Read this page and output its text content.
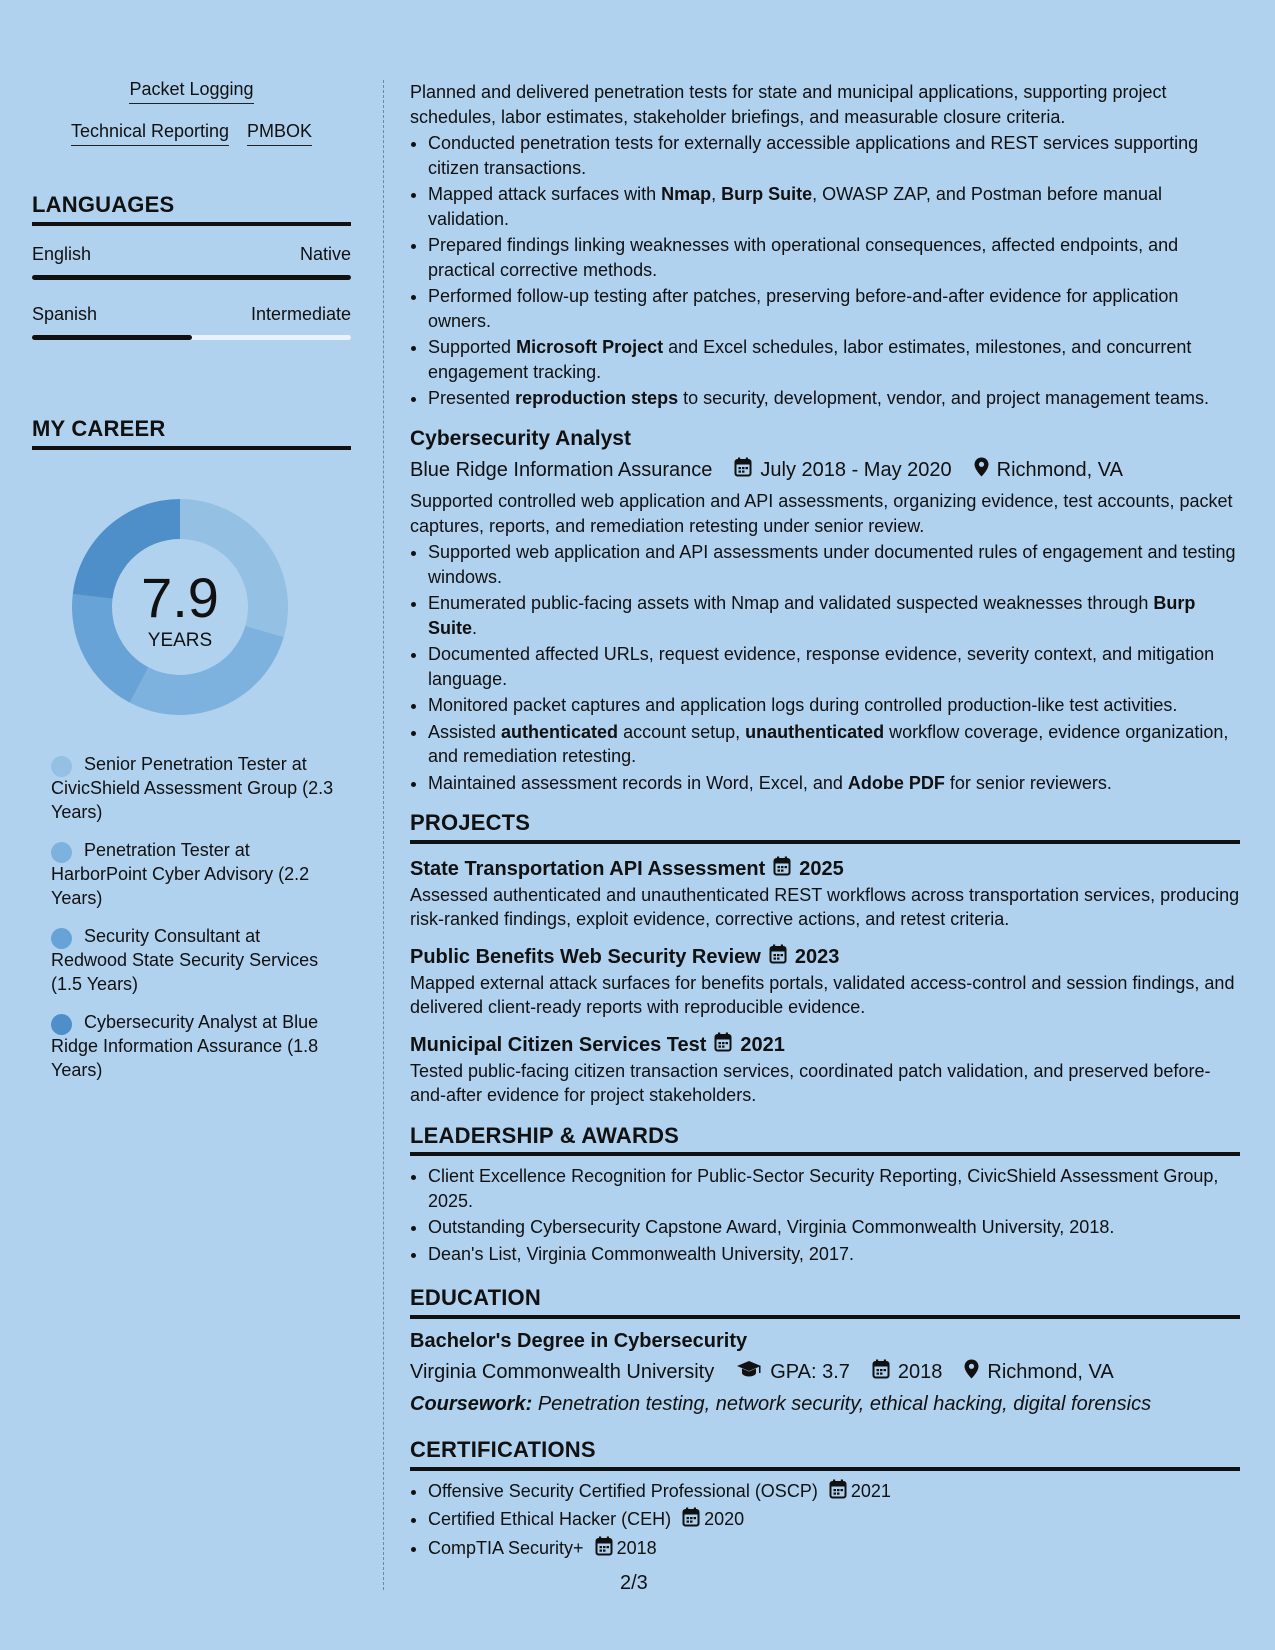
Packet Logging
Technical Reporting PMBOK
LANGUAGES
English	Native
Spanish	Intermediate
MY CAREER
7.9
YEARS
Senior Penetration Tester at CivicShield Assessment Group (2.3 Years)
Penetration Tester at HarborPoint Cyber Advisory (2.2 Years)
Security Consultant at Redwood State Security Services (1.5 Years)
Cybersecurity Analyst at Blue Ridge Information Assurance (1.8 Years)

Planned and delivered penetration tests for state and municipal applications, supporting project schedules, labor estimates, stakeholder briefings, and measurable closure criteria.

• Conducted penetration tests for externally accessible applications and REST services supporting citizen transactions.
• Mapped attack surfaces with Nmap, Burp Suite, OWASP ZAP, and Postman before manual validation.
• Prepared findings linking weaknesses with operational consequences, affected endpoints, and practical corrective methods.
• Performed follow-up testing after patches, preserving before-and-after evidence for application owners.
• Supported Microsoft Project and Excel schedules, labor estimates, milestones, and concurrent engagement tracking.
• Presented reproduction steps to security, development, vendor, and project management teams.
Cybersecurity Analyst
Blue Ridge Information Assurance July 2018 - May 2020 Richmond, VA

Supported controlled web application and API assessments, organizing evidence, test accounts, packet captures, reports, and remediation retesting under senior review.

• Supported web application and API assessments under documented rules of engagement and testing windows.
• Enumerated public-facing assets with Nmap and validated suspected weaknesses through Burp Suite.
• Documented affected URLs, request evidence, response evidence, severity context, and mitigation language.
• Monitored packet captures and application logs during controlled production-like test activities.
• Assisted authenticated account setup, unauthenticated workflow coverage, evidence organization, and remediation retesting.
• Maintained assessment records in Word, Excel, and Adobe PDF for senior reviewers.
PROJECTS
State Transportation API Assessment 2025

Assessed authenticated and unauthenticated REST workflows across transportation services, producing risk-ranked findings, exploit evidence, corrective actions, and retest criteria.

Public Benefits Web Security Review 2023

Mapped external attack surfaces for benefits portals, validated access-control and session findings, and delivered client-ready reports with reproducible evidence.

Municipal Citizen Services Test 2021

Tested public-facing citizen transaction services, coordinated patch validation, and preserved before-and-after evidence for project stakeholders.

LEADERSHIP & AWARDS
• Client Excellence Recognition for Public-Sector Security Reporting, CivicShield Assessment Group, 2025.
• Outstanding Cybersecurity Capstone Award, Virginia Commonwealth University, 2018.
• Dean's List, Virginia Commonwealth University, 2017.
EDUCATION
Bachelor's Degree in Cybersecurity
Virginia Commonwealth University	GPA: 3.7 2018 Richmond, VA
Coursework: Penetration testing, network security, ethical hacking, digital forensics
CERTIFICATIONS
• Offensive Security Certified Professional (OSCP) 2021
• Certified Ethical Hacker (CEH) 2020
• CompTIA Security+ 2018
2/3
